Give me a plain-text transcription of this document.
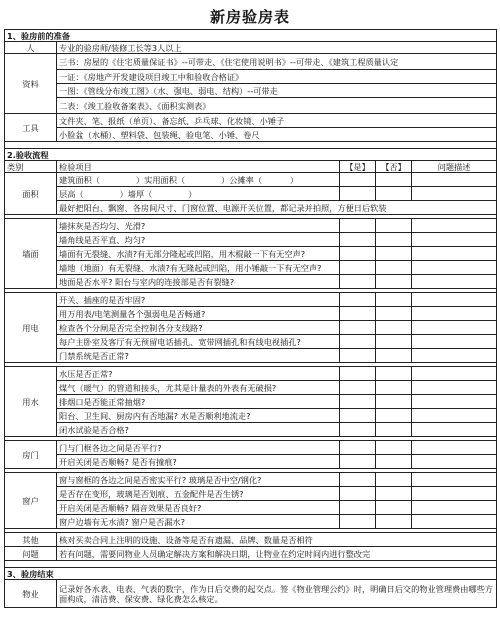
新房验房表
1、验房前的准备				
人	专业的验房师/装修工长等3人以上			
资料	三书：房屋的《住宅质量保证书》--可带走、《住宅使用说明书》--可带走、《建筑工程质量认定			
	一证：《房地产开发建设项目竣工中和验收合格证》			
	一图：《管线分布竣工图》（水、强电、弱电、结构）--可带走			
	二表：《竣工验收备案表》、《面积实测表》			
工具	文件夹、笔、报纸（单页）、备忘纸、乒乓球、化妆镜、小锤子			
	小脸盆（水桶）、塑料袋、包装绳、验电笔、小锤、卷尺			

2.验收流程				
类别	检验项目	【是】	【否】	问题描述
面积	建筑面积（ ）实用面积（ ）公摊率（ ）			
	层高（ ）墙厚（ ）			
	最好把阳台、飘窗、各房间尺寸、门窗位置、电源开关位置，都记录并拍照，方便日后软装			

墙面	墙抹灰是否均匀、光滑?			
	墙角线是否平直、均匀?			
	墙面有无裂缝、水渍?有无部分隆起或凹陷，用木棍敲一下有无空声?			
	墙地（地面）有无裂缝、水渍?有无隆起或凹陷，用小锤敲一下有无空声?			
	地面是否水平? 阳台与室内的连接部是否有裂缝?			

用电	开关、插座的是否牢固?			
	用万用表/电笔测量各个强弱电是否畅通?			
	检查各个分闸是否完全控制各分支线路?			
	每户主卧室及客厅有无预留电话插孔、宽带网插孔和有线电视插孔?			
	门禁系统是否正常?			

用水	水压是否正常?			
	煤气（暖气）的管道和接头，尤其是计量表的外表有无破损?			
	排烟口是否能正常抽烟?			
	阳台、卫生间、厨房内有否地漏? 水是否顺利地流走?			
	闭水试验是否合格?			

房门	门与门框各边之间是否平行?			
	开启关闭是否顺畅? 是否有撞痕?			

窗户	窗与窗框的各边之间是否密实平行? 玻璃是否中空/钢化?			
	是否存在变形，玻璃是否划痕、五金配件是否生锈?			
	开启关闭是否顺畅? 隔音效果是否良好?			
	窗户边墙有无水渍? 窗户是否漏水?			

其他	核对买卖合同上注明的设施、设备等是否有遗漏、品牌、数量是否相符			
问题	若有问题，需要同物业人员确定解决方案和解决日期，让物业在约定时间内进行整改完			

3、验房结束				
物业	记录好各水表、电表、气表的数字，作为日后交费的起交点。签《物业管理公约》时，明确日后交的物业管理费由哪些方面构成，清洁费、保安费、绿化费怎么核定。			
